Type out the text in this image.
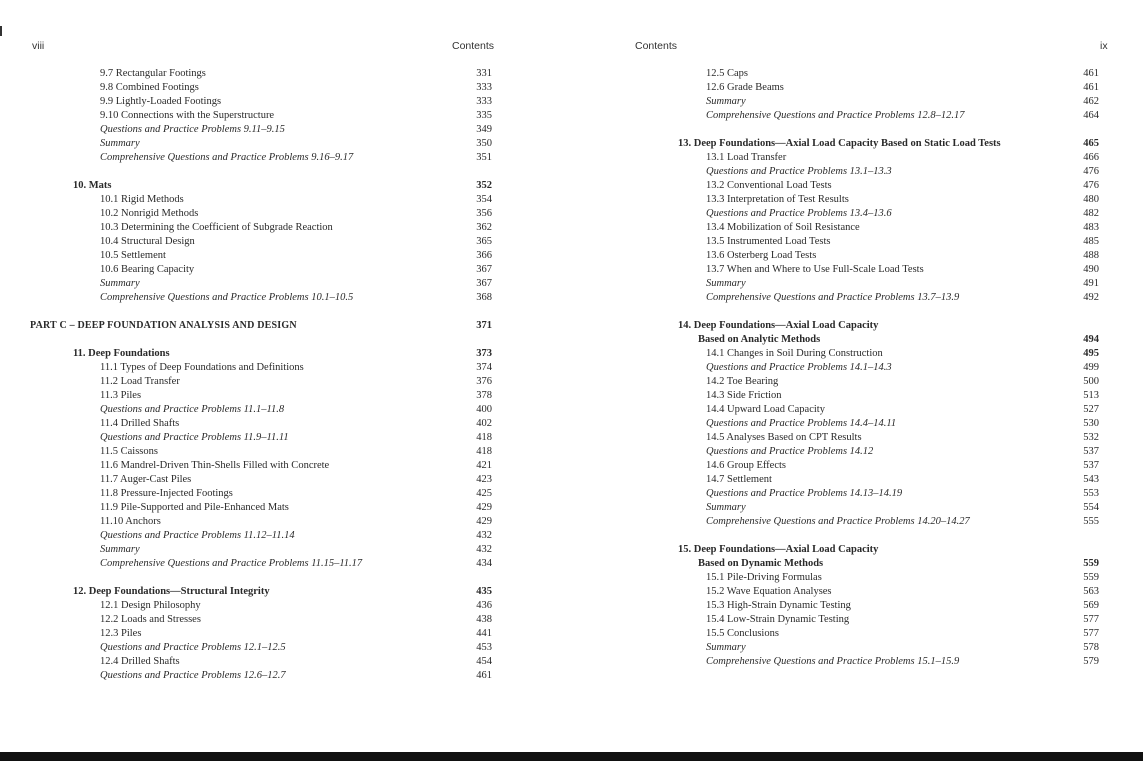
viii	Contents
9.7 Rectangular Footings	331
9.8 Combined Footings	333
9.9 Lightly-Loaded Footings	333
9.10 Connections with the Superstructure	335
Questions and Practice Problems 9.11–9.15	349
Summary	350
Comprehensive Questions and Practice Problems 9.16–9.17	351
10. Mats	352
10.1 Rigid Methods	354
10.2 Nonrigid Methods	356
10.3 Determining the Coefficient of Subgrade Reaction	362
10.4 Structural Design	365
10.5 Settlement	366
10.6 Bearing Capacity	367
Summary	367
Comprehensive Questions and Practice Problems 10.1–10.5	368
PART C – DEEP FOUNDATION ANALYSIS AND DESIGN	371
11. Deep Foundations	373
11.1 Types of Deep Foundations and Definitions	374
11.2 Load Transfer	376
11.3 Piles	378
Questions and Practice Problems 11.1–11.8	400
11.4 Drilled Shafts	402
Questions and Practice Problems 11.9–11.11	418
11.5 Caissons	418
11.6 Mandrel-Driven Thin-Shells Filled with Concrete	421
11.7 Auger-Cast Piles	423
11.8 Pressure-Injected Footings	425
11.9 Pile-Supported and Pile-Enhanced Mats	429
11.10 Anchors	429
Questions and Practice Problems 11.12–11.14	432
Summary	432
Comprehensive Questions and Practice Problems 11.15–11.17	434
12. Deep Foundations—Structural Integrity	435
12.1 Design Philosophy	436
12.2 Loads and Stresses	438
12.3 Piles	441
Questions and Practice Problems 12.1–12.5	453
12.4 Drilled Shafts	454
Questions and Practice Problems 12.6–12.7	461
Contents	ix
12.5 Caps	461
12.6 Grade Beams	461
Summary	462
Comprehensive Questions and Practice Problems 12.8–12.17	464
13. Deep Foundations—Axial Load Capacity Based on Static Load Tests	465
13.1 Load Transfer	466
Questions and Practice Problems 13.1–13.3	476
13.2 Conventional Load Tests	476
13.3 Interpretation of Test Results	480
Questions and Practice Problems 13.4–13.6	482
13.4 Mobilization of Soil Resistance	483
13.5 Instrumented Load Tests	485
13.6 Osterberg Load Tests	488
13.7 When and Where to Use Full-Scale Load Tests	490
Summary	491
Comprehensive Questions and Practice Problems 13.7–13.9	492
14. Deep Foundations—Axial Load Capacity
Based on Analytic Methods	494
14.1 Changes in Soil During Construction	495
Questions and Practice Problems 14.1–14.3	499
14.2 Toe Bearing	500
14.3 Side Friction	513
14.4 Upward Load Capacity	527
Questions and Practice Problems 14.4–14.11	530
14.5 Analyses Based on CPT Results	532
Questions and Practice Problems 14.12	537
14.6 Group Effects	537
14.7 Settlement	543
Questions and Practice Problems 14.13–14.19	553
Summary	554
Comprehensive Questions and Practice Problems 14.20–14.27	555
15. Deep Foundations—Axial Load Capacity
Based on Dynamic Methods	559
15.1 Pile-Driving Formulas	559
15.2 Wave Equation Analyses	563
15.3 High-Strain Dynamic Testing	569
15.4 Low-Strain Dynamic Testing	577
15.5 Conclusions	577
Summary	578
Comprehensive Questions and Practice Problems 15.1–15.9	579
